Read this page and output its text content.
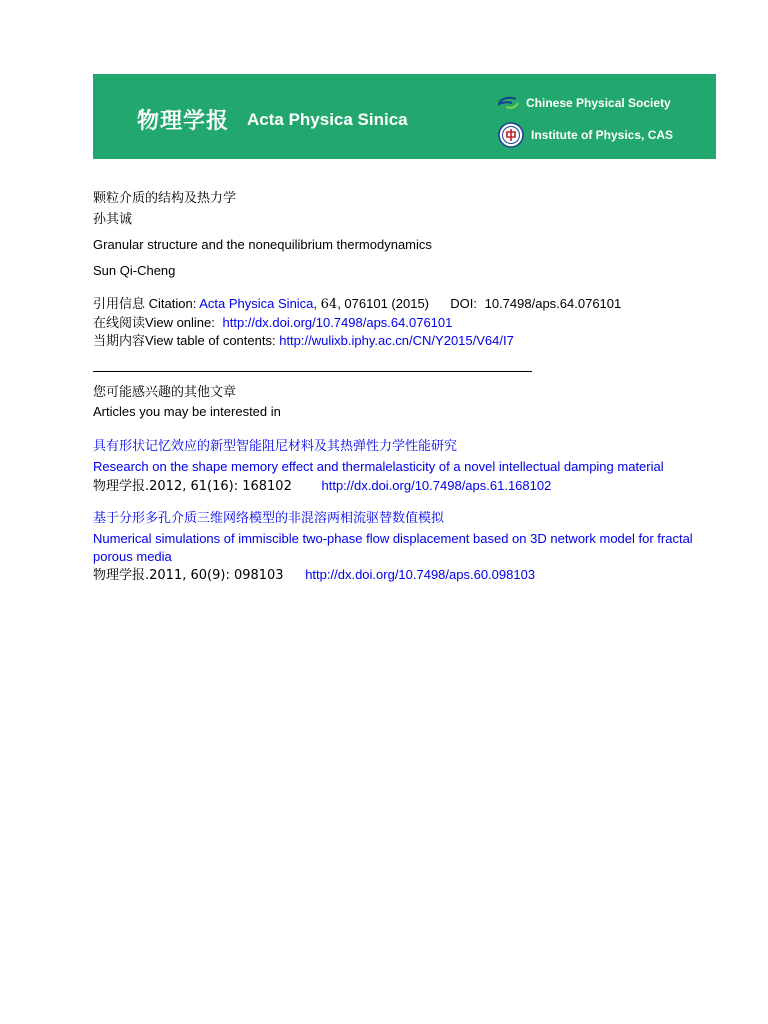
物理学报 Acta Physica Sinica
Chinese Physical Society
Institute of Physics, CAS
颗粒介质的结构及热力学
孙其诚
Granular structure and the nonequilibrium thermodynamics
Sun Qi-Cheng
引用信息 Citation: Acta Physica Sinica, 64, 076101 (2015) DOI: 10.7498/aps.64.076101
在线阅读View online: http://dx.doi.org/10.7498/aps.64.076101
当期内容View table of contents: http://wulixb.iphy.ac.cn/CN/Y2015/V64/I7
您可能感兴趣的其他文章
Articles you may be interested in
具有形状记忆效应的新型智能阻尼材料及其热弹性力学性能研究
Research on the shape memory effect and thermalelasticity of a novel intellectual damping material
物理学报.2012, 61(16): 168102 http://dx.doi.org/10.7498/aps.61.168102
基于分形多孔介质三维网络模型的非混溶两相流驱替数值模拟
Numerical simulations of immiscible two-phase flow displacement based on 3D network model for fractal porous media
物理学报.2011, 60(9): 098103 http://dx.doi.org/10.7498/aps.60.098103
